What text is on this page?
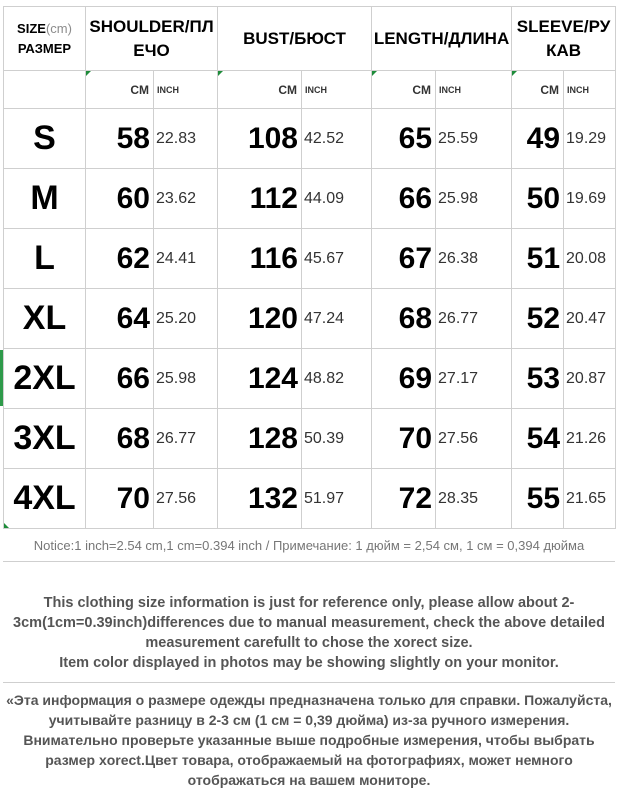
SIZE(cm)
РАЗМЕР	SHOULDER/ПЛЕЧО		BUST/БЮСТ		LENGTH/ДЛИНА		SLEEVE/РУКАВ	

	CM	INCH	CM	INCH	CM	INCH	CM	INCH

S	58	22.83	108	42.52	65	25.59	49	19.29
M	60	23.62	112	44.09	66	25.98	50	19.69
L	62	24.41	116	45.67	67	26.38	51	20.08
XL	64	25.20	120	47.24	68	26.77	52	20.47
2XL	66	25.98	124	48.82	69	27.17	53	20.87
3XL	68	26.77	128	50.39	70	27.56	54	21.26
4XL	70	27.56	132	51.97	72	28.35	55	21.65
Notice:1 inch=2.54 cm,1 cm=0.394 inch / Примечание: 1 дюйм = 2,54 см, 1 см = 0,394 дюйма

This clothing size information is just for reference only, please allow about 2-3cm(1cm=0.39inch)differences due to manual measurement, check the above detailed measurement carefullt to chose the xorect size.

Item color displayed in photos may be showing slightly on your monitor.

«Эта информация о размере одежды предназначена только для справки. Пожалуйста, учитывайте разницу в 2-3 см (1 см = 0,39 дюйма) из-за ручного измерения. Внимательно проверьте указанные выше подробные измерения, чтобы выбрать размер xorect.Цвет товара, отображаемый на фотографиях, может немного отображаться на вашем мониторе.
